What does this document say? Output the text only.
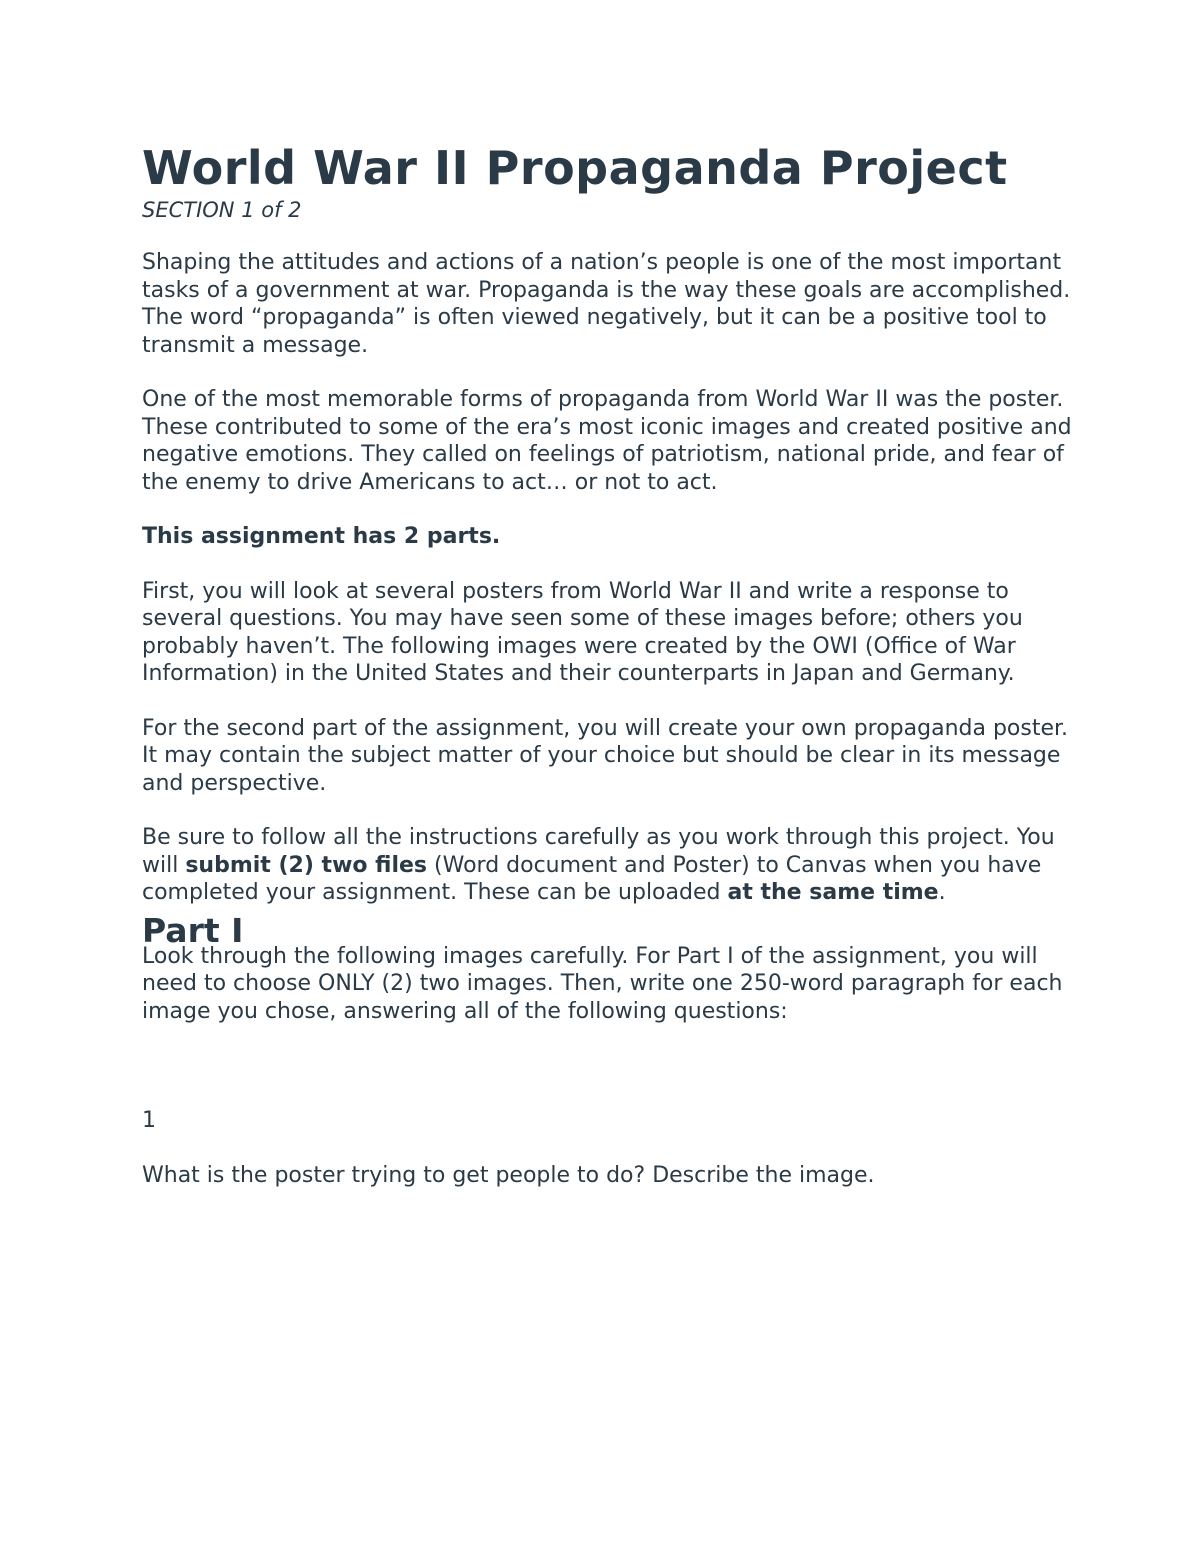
World War II Propaganda Project
SECTION 1 of 2

Shaping the attitudes and actions of a nation’s people is one of the most important tasks of a government at war. Propaganda is the way these goals are accomplished. The word “propaganda” is often viewed negatively, but it can be a positive tool to transmit a message.

One of the most memorable forms of propaganda from World War II was the poster. These contributed to some of the era’s most iconic images and created positive and negative emotions. They called on feelings of patriotism, national pride, and fear of the enemy to drive Americans to act… or not to act.

This assignment has 2 parts.

First, you will look at several posters from World War II and write a response to several questions. You may have seen some of these images before; others you probably haven’t. The following images were created by the OWI (Office of War Information) in the United States and their counterparts in Japan and Germany.

For the second part of the assignment, you will create your own propaganda poster. It may contain the subject matter of your choice but should be clear in its message and perspective.

Be sure to follow all the instructions carefully as you work through this project. You will submit (2) two files (Word document and Poster) to Canvas when you have completed your assignment. These can be uploaded at the same time.

Part I

Look through the following images carefully. For Part I of the assignment, you will need to choose ONLY (2) two images. Then, write one 250-word paragraph for each image you chose, answering all of the following questions:

1

What is the poster trying to get people to do? Describe the image.
